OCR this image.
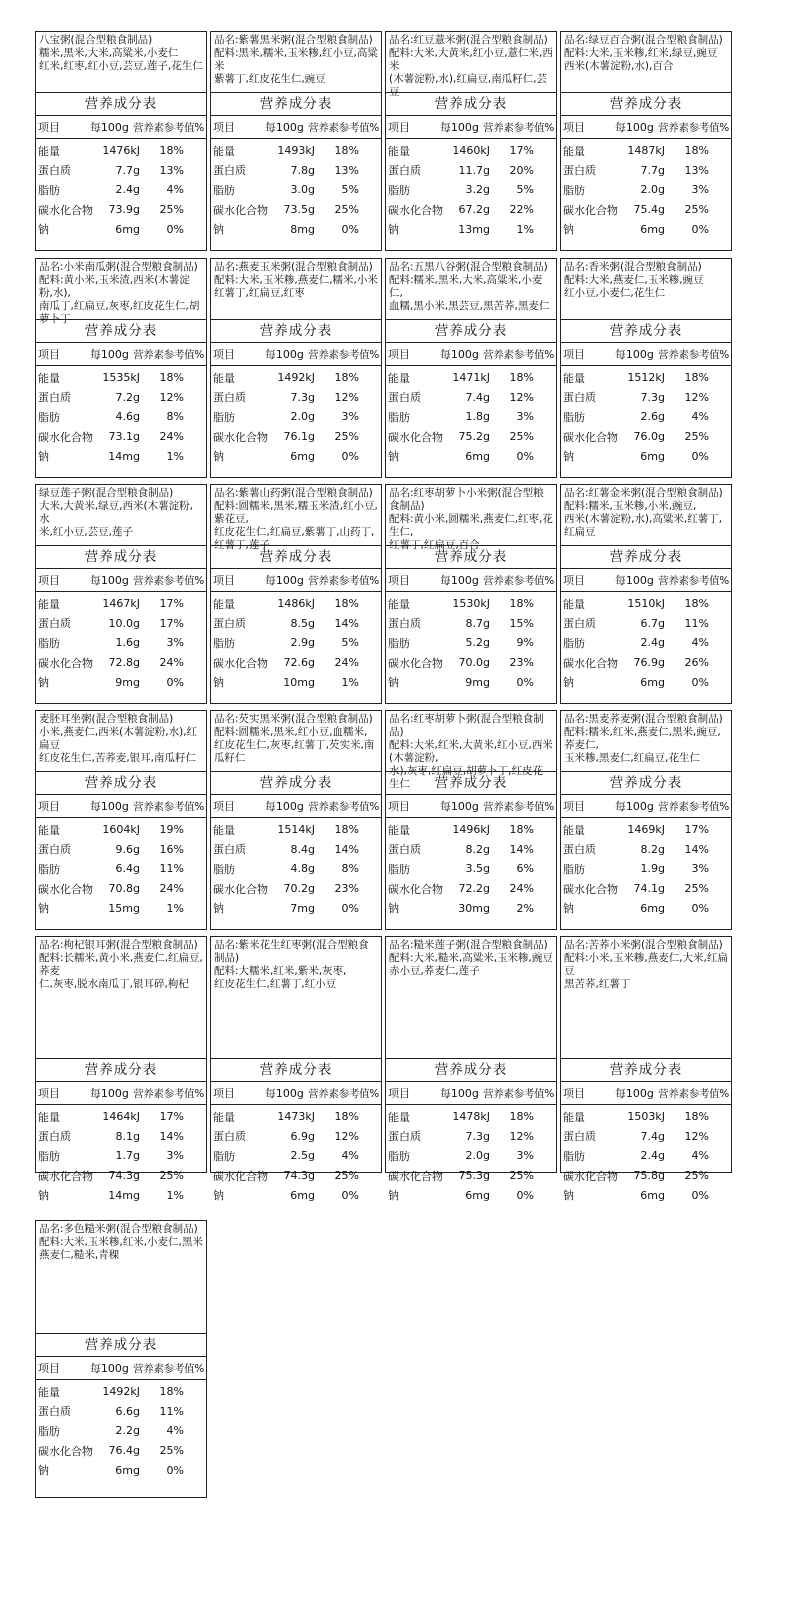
八宝粥(混合型粮食制品)
糯米,黑米,大米,高粱米,小麦仁
红米,红枣,红小豆,芸豆,莲子,花生仁
营养成分表
项目	每100g 营养素参考值%
能量	1476kJ	18%
蛋白质	7.7g	13%
脂肪	2.4g	4%
碳水化合物	73.9g	25%
钠	6mg	0%
品名:紫薯黑米粥(混合型粮食制品)
配料:黑米,糯米,玉米糁,红小豆,高粱米
紫薯丁,红皮花生仁,豌豆
营养成分表
项目	每100g 营养素参考值%
能量	1493kJ	18%
蛋白质	7.8g	13%
脂肪	3.0g	5%
碳水化合物	73.5g	25%
钠	8mg	0%
品名:红豆薏米粥(混合型粮食制品)
配料:大米,大黄米,红小豆,薏仁米,西米
(木薯淀粉,水),红扁豆,南瓜籽仁,芸豆
营养成分表
项目	每100g 营养素参考值%
能量	1460kJ	17%
蛋白质	11.7g	20%
脂肪	3.2g	5%
碳水化合物	67.2g	22%
钠	13mg	1%
品名:绿豆百合粥(混合型粮食制品)
配料:大米,玉米糁,红米,绿豆,豌豆
西米(木薯淀粉,水),百合
营养成分表
项目	每100g 营养素参考值%
能量	1487kJ	18%
蛋白质	7.7g	13%
脂肪	2.0g	3%
碳水化合物	75.4g	25%
钠	6mg	0%
品名:小米南瓜粥(混合型粮食制品)
配料:黄小米,玉米渣,西米(木薯淀粉,水),
南瓜丁,红扁豆,灰枣,红皮花生仁,胡萝卜丁
营养成分表
项目	每100g 营养素参考值%
能量	1535kJ	18%
蛋白质	7.2g	12%
脂肪	4.6g	8%
碳水化合物	73.1g	24%
钠	14mg	1%
品名:燕麦玉米粥(混合型粮食制品)
配料:大米,玉米糁,燕麦仁,糯米,小米
红薯丁,红扁豆,红枣
营养成分表
项目	每100g 营养素参考值%
能量	1492kJ	18%
蛋白质	7.3g	12%
脂肪	2.0g	3%
碳水化合物	76.1g	25%
钠	6mg	0%
品名:五黑八谷粥(混合型粮食制品)
配料:糯米,黑米,大米,高粱米,小麦仁,
血糯,黑小米,黑芸豆,黑苦荞,黑麦仁
营养成分表
项目	每100g 营养素参考值%
能量	1471kJ	18%
蛋白质	7.4g	12%
脂肪	1.8g	3%
碳水化合物	75.2g	25%
钠	6mg	0%
品名:香米粥(混合型粮食制品)
配料:大米,燕麦仁,玉米糁,豌豆
红小豆,小麦仁,花生仁
营养成分表
项目	每100g 营养素参考值%
能量	1512kJ	18%
蛋白质	7.3g	12%
脂肪	2.6g	4%
碳水化合物	76.0g	25%
钠	6mg	0%
绿豆莲子粥(混合型粮食制品)
大米,大黄米,绿豆,西米(木薯淀粉,水
米,红小豆,芸豆,莲子
营养成分表
项目	每100g 营养素参考值%
能量	1467kJ	17%
蛋白质	10.0g	17%
脂肪	1.6g	3%
碳水化合物	72.8g	24%
钠	9mg	0%
品名:紫薯山药粥(混合型粮食制品)
配料:圆糯米,黑米,糯玉米渣,红小豆,紫花豆,
红皮花生仁,红扁豆,紫薯丁,山药丁,红薯丁,莲子
营养成分表
项目	每100g 营养素参考值%
能量	1486kJ	18%
蛋白质	8.5g	14%
脂肪	2.9g	5%
碳水化合物	72.6g	24%
钠	10mg	1%
品名:红枣胡萝卜小米粥(混合型粮食制品)
配料:黄小米,圆糯米,燕麦仁,红枣,花生仁,
红薯丁,红扁豆,百合
营养成分表
项目	每100g 营养素参考值%
能量	1530kJ	18%
蛋白质	8.7g	15%
脂肪	5.2g	9%
碳水化合物	70.0g	23%
钠	9mg	0%
品名:红薯金米粥(混合型粮食制品)
配料:糯米,玉米糁,小米,豌豆,
西米(木薯淀粉,水),高粱米,红薯丁,红扁豆
营养成分表
项目	每100g 营养素参考值%
能量	1510kJ	18%
蛋白质	6.7g	11%
脂肪	2.4g	4%
碳水化合物	76.9g	26%
钠	6mg	0%
麦胚耳坐粥(混合型粮食制品)
小米,燕麦仁,西米(木薯淀粉,水),红扁豆
红皮花生仁,苦荞麦,银耳,南瓜籽仁
营养成分表
项目	每100g 营养素参考值%
能量	1604kJ	19%
蛋白质	9.6g	16%
脂肪	6.4g	11%
碳水化合物	70.8g	24%
钠	15mg	1%
品名:芡实黑米粥(混合型粮食制品)
配料:圆糯米,黑米,红小豆,血糯米,
红皮花生仁,灰枣,红薯丁,芡实米,南瓜籽仁
营养成分表
项目	每100g 营养素参考值%
能量	1514kJ	18%
蛋白质	8.4g	14%
脂肪	4.8g	8%
碳水化合物	70.2g	23%
钠	7mg	0%
品名:红枣胡萝卜粥(混合型粮食制品)
配料:大米,红米,大黄米,红小豆,西米(木薯淀粉,
水),灰枣,红扁豆,胡萝卜丁,红皮花生仁	营养成分表
项目	每100g 营养素参考值%
能量	1496kJ	18%
蛋白质	8.2g	14%
脂肪	3.5g	6%
碳水化合物	72.2g	24%
钠	30mg	2%
品名:黑麦荞麦粥(混合型粮食制品)
配料:糯米,红米,燕麦仁,黑米,豌豆,荞麦仁,
玉米糁,黑麦仁,红扁豆,花生仁
营养成分表
项目	每100g 营养素参考值%
能量	1469kJ	17%
蛋白质	8.2g	14%
脂肪	1.9g	3%
碳水化合物	74.1g	25%
钠	6mg	0%
品名:枸杞银耳粥(混合型粮食制品)
配料:长糯米,黄小米,燕麦仁,红扁豆,荞麦
仁,灰枣,脱水南瓜丁,银耳碎,枸杞
营养成分表
项目	每100g 营养素参考值%
能量	1464kJ	17%
蛋白质	8.1g	14%
脂肪	1.7g	3%
碳水化合物	74.3g	25%
钠	14mg	1%
品名:紫米花生红枣粥(混合型粮食制品)
配料:大糯米,红米,紫米,灰枣,
红皮花生仁,红薯丁,红小豆
营养成分表
项目	每100g 营养素参考值%
能量	1473kJ	18%
蛋白质	6.9g	12%
脂肪	2.5g	4%
碳水化合物	74.3g	25%
钠	6mg	0%
品名:糙米莲子粥(混合型粮食制品)
配料:大米,糙米,高粱米,玉米糁,豌豆
赤小豆,荞麦仁,莲子
营养成分表
项目	每100g 营养素参考值%
能量	1478kJ	18%
蛋白质	7.3g	12%
脂肪	2.0g	3%
碳水化合物	75.3g	25%
钠	6mg	0%
品名:苦荞小米粥(混合型粮食制品)
配料:小米,玉米糁,燕麦仁,大米,红扁豆
黑苦荞,红薯丁
营养成分表
项目	每100g 营养素参考值%
能量	1503kJ	18%
蛋白质	7.4g	12%
脂肪	2.4g	4%
碳水化合物	75.8g	25%
钠	6mg	0%
品名:多色糙米粥(混合型粮食制品)
配料:大米,玉米糁,红米,小麦仁,黑米
燕麦仁,糙米,青稞
营养成分表
项目	每100g 营养素参考值%
能量	1492kJ	18%
蛋白质	6.6g	11%
脂肪	2.2g	4%
碳水化合物	76.4g	25%
钠	6mg	0%
